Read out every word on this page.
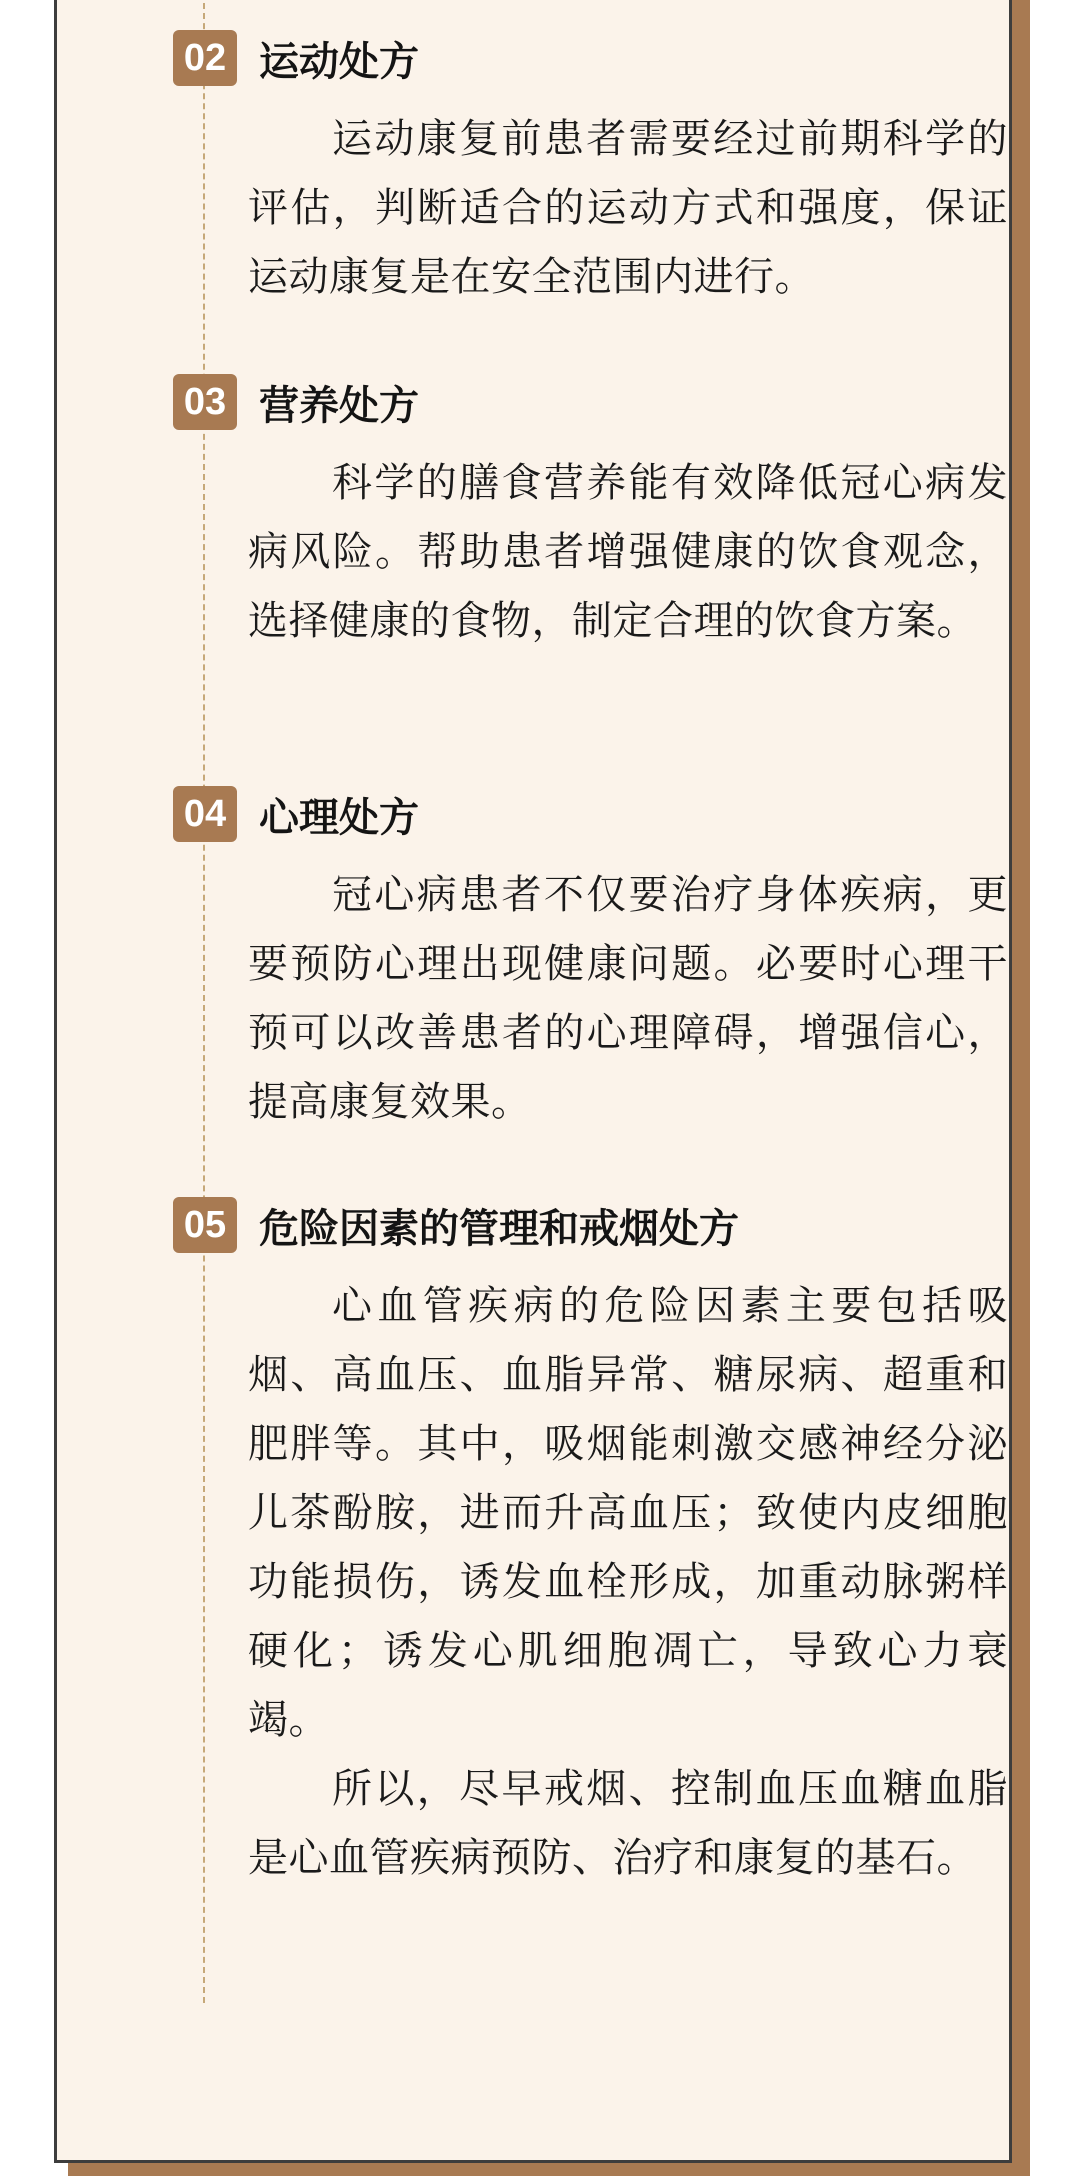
02 运动处方

运动康复前患者需要经过前期科学的评估，判断适合的运动方式和强度，保证运动康复是在安全范围内进行。

03 营养处方

科学的膳食营养能有效降低冠心病发病风险。帮助患者增强健康的饮食观念，选择健康的食物，制定合理的饮食方案。

04 心理处方

冠心病患者不仅要治疗身体疾病，更要预防心理出现健康问题。必要时心理干预可以改善患者的心理障碍，增强信心，提高康复效果。

05 危险因素的管理和戒烟处方

心血管疾病的危险因素主要包括吸烟、高血压、血脂异常、糖尿病、超重和肥胖等。其中，吸烟能刺激交感神经分泌儿茶酚胺，进而升高血压；致使内皮细胞功能损伤，诱发血栓形成，加重动脉粥样硬化；诱发心肌细胞凋亡，导致心力衰竭。

所以，尽早戒烟、控制血压血糖血脂是心血管疾病预防、治疗和康复的基石。
